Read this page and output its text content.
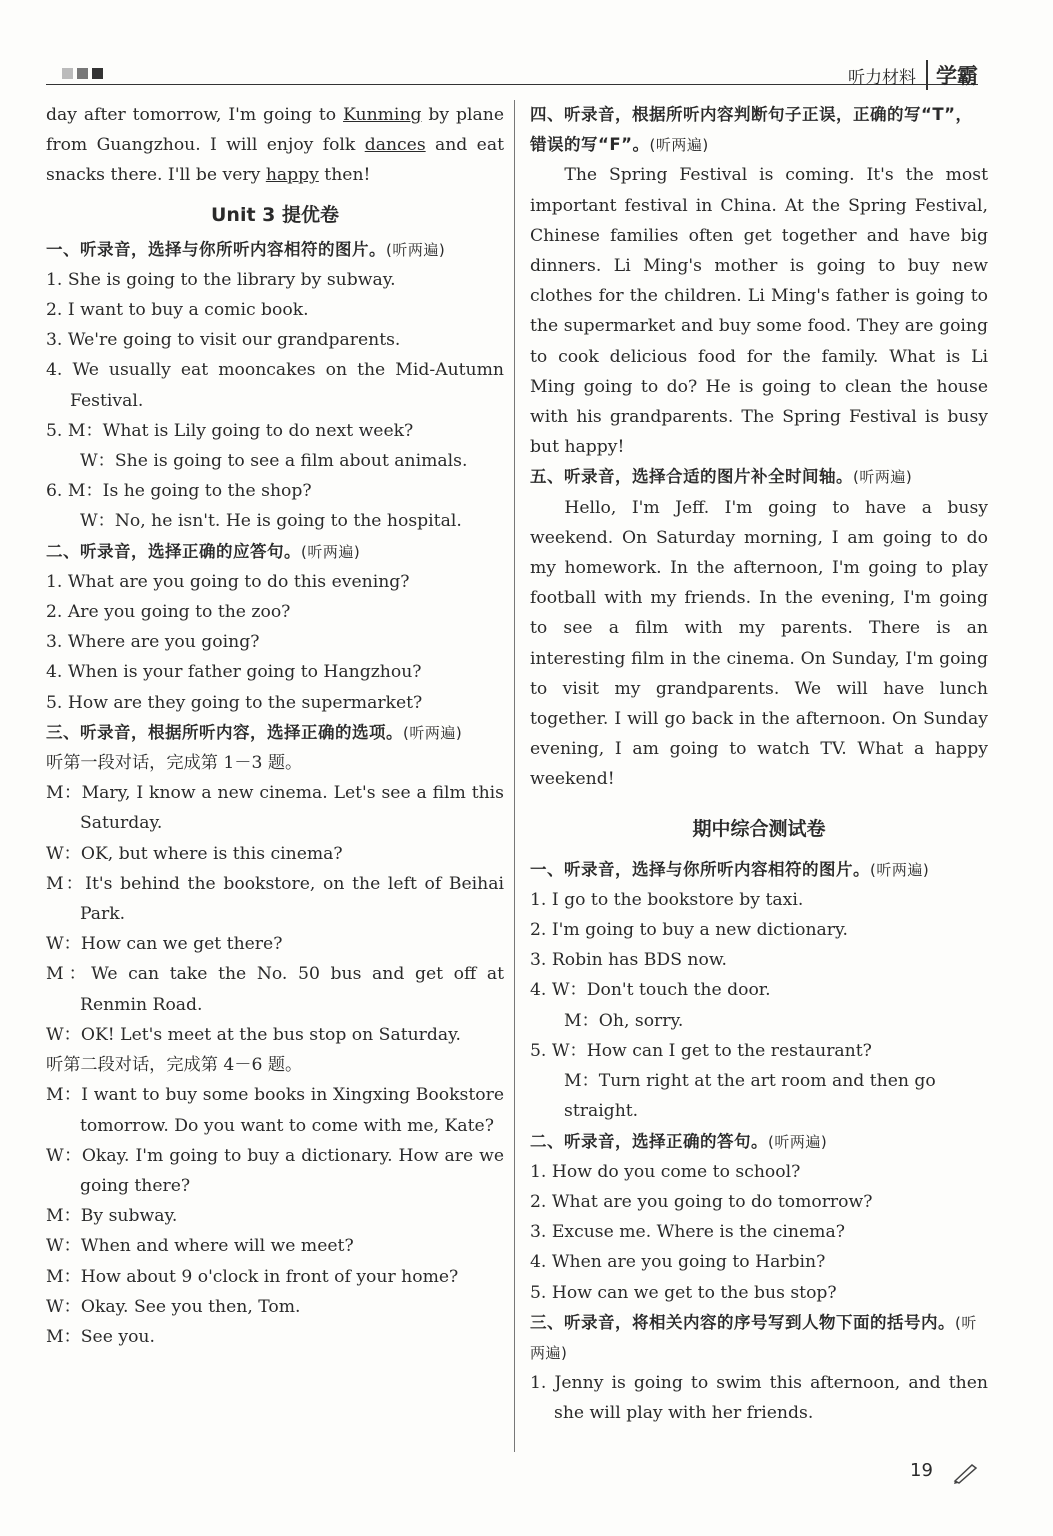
听力材料 学霸

day after tomorrow, I'm going to Kunming by plane from Guangzhou. I will enjoy folk dances and eat snacks there. I'll be very happy then!

Unit 3 提优卷

一、听录音，选择与你所听内容相符的图片。(听两遍)

1. She is going to the library by subway.

2. I want to buy a comic book.

3. We're going to visit our grandparents.

4. We usually eat mooncakes on the Mid-Autumn Festival.

5. M：What is Lily going to do next week?

W：She is going to see a film about animals.

6. M：Is he going to the shop?

W：No, he isn't. He is going to the hospital.

二、听录音，选择正确的应答句。(听两遍)

1. What are you going to do this evening?

2. Are you going to the zoo?

3. Where are you going?

4. When is your father going to Hangzhou?

5. How are they going to the supermarket?

三、听录音，根据所听内容，选择正确的选项。(听两遍)

听第一段对话，完成第 1－3 题。

M：Mary, I know a new cinema. Let's see a film this Saturday.

W：OK, but where is this cinema?

M：It's behind the bookstore, on the left of Beihai Park.

W：How can we get there?

M：We can take the No. 50 bus and get off at Renmin Road.

W：OK! Let's meet at the bus stop on Saturday.

听第二段对话，完成第 4－6 题。

M：I want to buy some books in Xingxing Bookstore tomorrow. Do you want to come with me, Kate?

W：Okay. I'm going to buy a dictionary. How are we going there?

M：By subway.

W：When and where will we meet?

M：How about 9 o'clock in front of your home?

W：Okay. See you then, Tom.

M：See you.

四、听录音，根据所听内容判断句子正误，正确的写“T”，错误的写“F”。(听两遍)

The Spring Festival is coming. It's the most important festival in China. At the Spring Festival, Chinese families often get together and have big dinners. Li Ming's mother is going to buy new clothes for the children. Li Ming's father is going to the supermarket and buy some food. They are going to cook delicious food for the family. What is Li Ming going to do? He is going to clean the house with his grandparents. The Spring Festival is busy but happy!

五、听录音，选择合适的图片补全时间轴。(听两遍)

Hello, I'm Jeff. I'm going to have a busy weekend. On Saturday morning, I am going to do my homework. In the afternoon, I'm going to play football with my friends. In the evening, I'm going to see a film with my parents. There is an interesting film in the cinema. On Sunday, I'm going to visit my grandparents. We will have lunch together. I will go back in the afternoon. On Sunday evening, I am going to watch TV. What a happy weekend!

期中综合测试卷

一、听录音，选择与你所听内容相符的图片。(听两遍)

1. I go to the bookstore by taxi.

2. I'm going to buy a new dictionary.

3. Robin has BDS now.

4. W：Don't touch the door.

M：Oh, sorry.

5. W：How can I get to the restaurant?

M：Turn right at the art room and then go straight.

二、听录音，选择正确的答句。(听两遍)

1. How do you come to school?

2. What are you going to do tomorrow?

3. Excuse me. Where is the cinema?

4. When are you going to Harbin?

5. How can we get to the bus stop?

三、听录音，将相关内容的序号写到人物下面的括号内。(听两遍)

1. Jenny is going to swim this afternoon, and then she will play with her friends.

19
